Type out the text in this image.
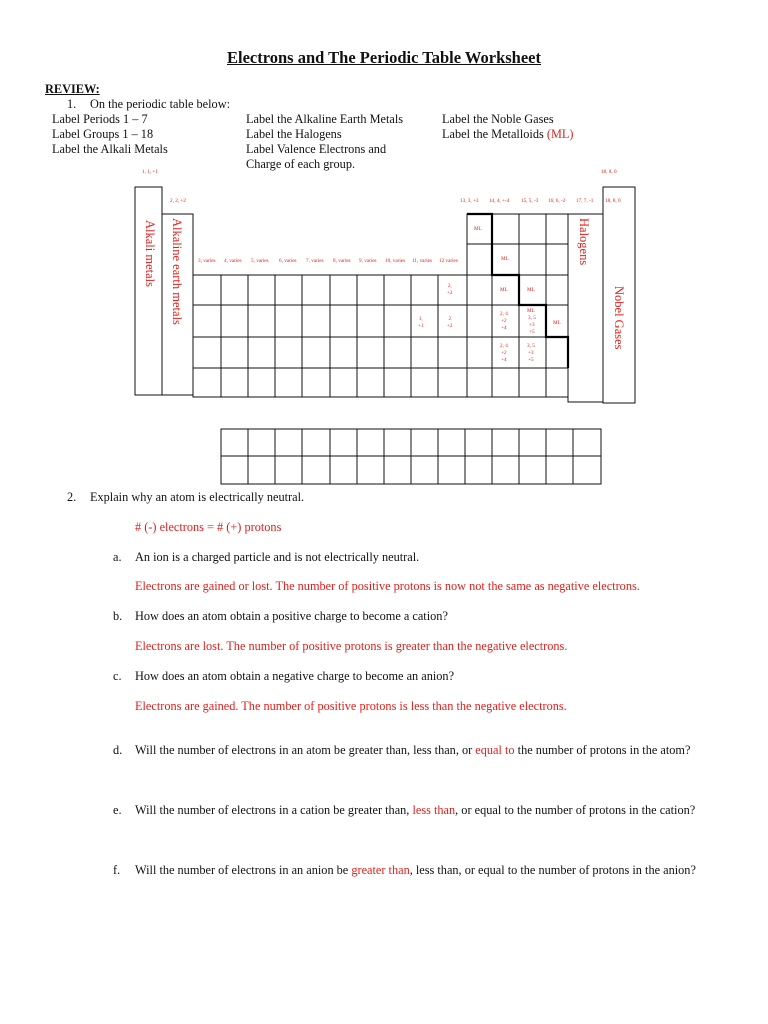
Electrons and The Periodic Table Worksheet
REVIEW:
1. On the periodic table below:
Label Periods 1 – 7
Label Groups 1 – 18
Label the Alkali Metals
Label the Alkaline Earth Metals
Label the Halogens
Label Valence Electrons and
Charge of each group.
Label the Noble Gases
Label the Metalloids (ML)
1, 1, +1
2, 2, +2
3, varies 4, varies 5, varies 6, varies 7, varies 8, varies 9, varies 10, varies 11, varies 12 varies
13, 3, +3 14, 4, +-4 15, 5, -3 16, 6, -2 17, 7, -1 18, 8, 0
18, 8, 0
ML
ML
ML	ML
ML
ML
2,
+2
1,
+1
2
+2
2, 4
+2
+4
3, 5
+3
+5
2, 4
+2
+4
3, 5
+3
+5
Alkali metals Alkaline earth metals	Halogens
Nobel Gases
2. Explain why an atom is electrically neutral.
# (-) electrons = # (+) protons
a. An ion is a charged particle and is not electrically neutral.
Electrons are gained or lost. The number of positive protons is now not the same as negative electrons.
b. How does an atom obtain a positive charge to become a cation?
Electrons are lost. The number of positive protons is greater than the negative electrons.
c. How does an atom obtain a negative charge to become an anion?
Electrons are gained. The number of positive protons is less than the negative electrons.
d. Will the number of electrons in an atom be greater than, less than, or equal to the number of protons in the atom?
e. Will the number of electrons in a cation be greater than, less than, or equal to the number of protons in the cation?
f. Will the number of electrons in an anion be greater than, less than, or equal to the number of protons in the anion?
